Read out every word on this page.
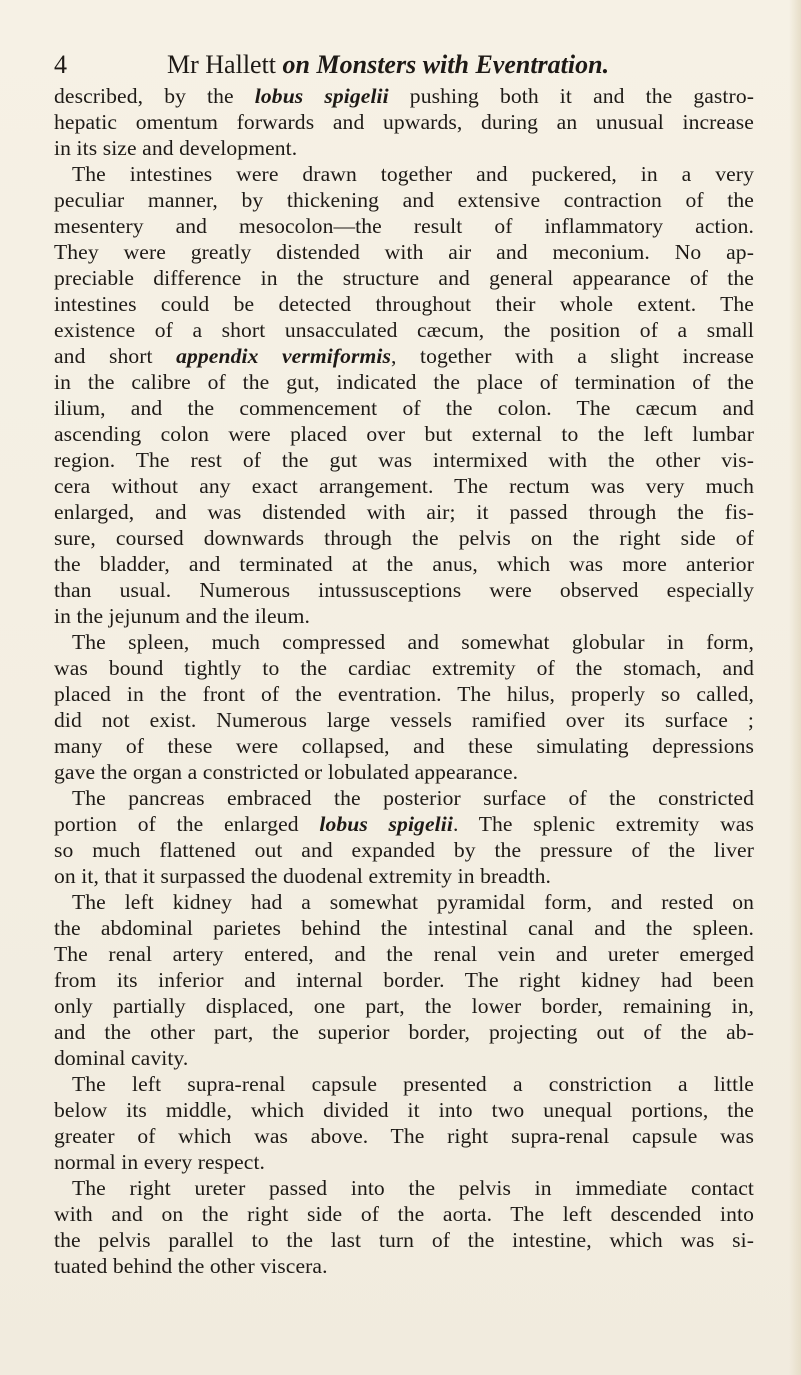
4	Mr Hallett on Monsters with Eventration.
described, by the lobus spigelii pushing both it and the gastro-
hepatic omentum forwards and upwards, during an unusual increase
in its size and development.
The intestines were drawn together and puckered, in a very
peculiar manner, by thickening and extensive contraction of the
mesentery and mesocolon—the result of inflammatory action.
They were greatly distended with air and meconium. No ap-
preciable difference in the structure and general appearance of the
intestines could be detected throughout their whole extent. The
existence of a short unsacculated cæcum, the position of a small
and short appendix vermiformis, together with a slight increase
in the calibre of the gut, indicated the place of termination of the
ilium, and the commencement of the colon. The cæcum and
ascending colon were placed over but external to the left lumbar
region. The rest of the gut was intermixed with the other vis-
cera without any exact arrangement. The rectum was very much
enlarged, and was distended with air; it passed through the fis-
sure, coursed downwards through the pelvis on the right side of
the bladder, and terminated at the anus, which was more anterior
than usual. Numerous intussusceptions were observed especially
in the jejunum and the ileum.
The spleen, much compressed and somewhat globular in form,
was bound tightly to the cardiac extremity of the stomach, and
placed in the front of the eventration. The hilus, properly so called,
did not exist. Numerous large vessels ramified over its surface ;
many of these were collapsed, and these simulating depressions
gave the organ a constricted or lobulated appearance.
The pancreas embraced the posterior surface of the constricted
portion of the enlarged lobus spigelii. The splenic extremity was
so much flattened out and expanded by the pressure of the liver
on it, that it surpassed the duodenal extremity in breadth.
The left kidney had a somewhat pyramidal form, and rested on
the abdominal parietes behind the intestinal canal and the spleen.
The renal artery entered, and the renal vein and ureter emerged
from its inferior and internal border. The right kidney had been
only partially displaced, one part, the lower border, remaining in,
and the other part, the superior border, projecting out of the ab-
dominal cavity.
The left supra-renal capsule presented a constriction a little
below its middle, which divided it into two unequal portions, the
greater of which was above. The right supra-renal capsule was
normal in every respect.
The right ureter passed into the pelvis in immediate contact
with and on the right side of the aorta. The left descended into
the pelvis parallel to the last turn of the intestine, which was si-
tuated behind the other viscera.
